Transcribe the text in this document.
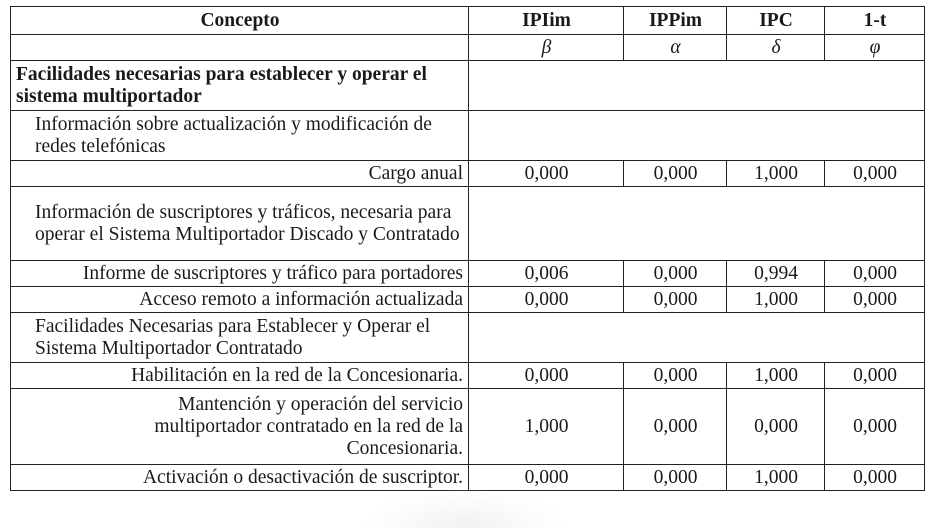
Concepto	IPIim	IPPim	IPC	1-t
	β	α	δ	φ
Facilidades necesarias para establecer y operar el sistema multiportador				
Información sobre actualización y modificación de redes telefónicas				
Cargo anual	0,000	0,000	1,000	0,000
Información de suscriptores y tráficos, necesaria para operar el Sistema Multiportador Discado y Contratado				
Informe de suscriptores y tráfico para portadores	0,006	0,000	0,994	0,000
Acceso remoto a información actualizada	0,000	0,000	1,000	0,000
Facilidades Necesarias para Establecer y Operar el Sistema Multiportador Contratado				
Habilitación en la red de la Concesionaria.	0,000	0,000	1,000	0,000
Mantención y operación del servicio multiportador contratado en la red de la Concesionaria.	1,000	0,000	0,000	0,000
Activación o desactivación de suscriptor.	0,000	0,000	1,000	0,000
